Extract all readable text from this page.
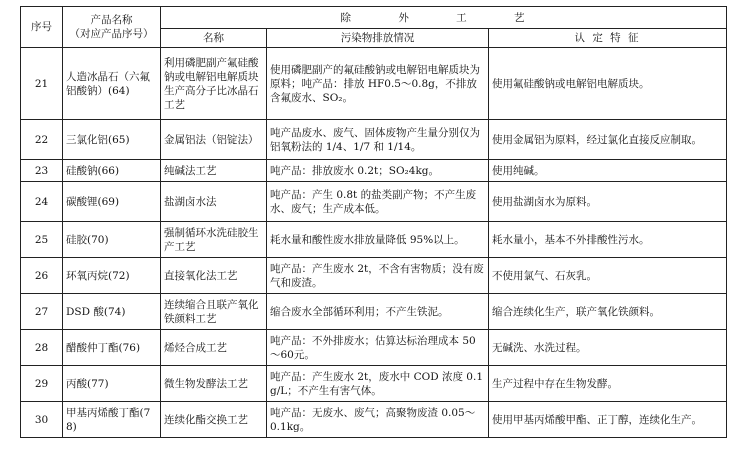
序号	产品名称
（对应产品序号）	除 外 工 艺		
		名称	污染物排放情况	认 定 特 征
21	人造冰晶石（六氟铝酸钠）(64)	利用磷肥副产氟硅酸钠或电解铝电解质块生产高分子比冰晶石工艺	使用磷肥副产的氟硅酸钠或电解铝电解质块为原料；吨产品：排放 HF0.5～0.8g，不排放含氟废水、SO₂。	使用氟硅酸钠或电解铝电解质块。
22	三氯化铝(65)	金属铝法（铝锭法）	吨产品废水、废气、固体废物产生量分别仅为铝氧粉法的 1/4、1/7 和 1/14。	使用金属铝为原料，经过氯化直接反应制取。
23	硅酸钠(66)	纯碱法工艺	吨产品：排放废水 0.2t；SO₂4kg。	使用纯碱。
24	碳酸锂(69)	盐湖卤水法	吨产品：产生 0.8t 的盐类副产物；不产生废水、废气；生产成本低。	使用盐湖卤水为原料。
25	硅胶(70)	强制循环水洗硅胶生产工艺	耗水量和酸性废水排放量降低 95%以上。	耗水量小，基本不外排酸性污水。
26	环氧丙烷(72)	直接氧化法工艺	吨产品：产生废水 2t，不含有害物质；没有废气和废渣。	不使用氯气、石灰乳。
27	DSD 酸(74)	连续缩合且联产氧化铁颜料工艺	缩合废水全部循环利用；不产生铁泥。	缩合连续化生产，联产氧化铁颜料。
28	醋酸仲丁酯(76)	烯烃合成工艺	吨产品：不外排废水；估算达标治理成本 50～60元。	无碱洗、水洗过程。
29	丙酸(77)	微生物发酵法工艺	吨产品：产生废水 2t，废水中 COD 浓度 0.1g/L；不产生有害气体。	生产过程中存在生物发酵。
30	甲基丙烯酸丁酯(78)	连续化酯交换工艺	吨产品：无废水、废气；高聚物废渣 0.05～0.1kg。	使用甲基丙烯酸甲酯、正丁醇，连续化生产。
